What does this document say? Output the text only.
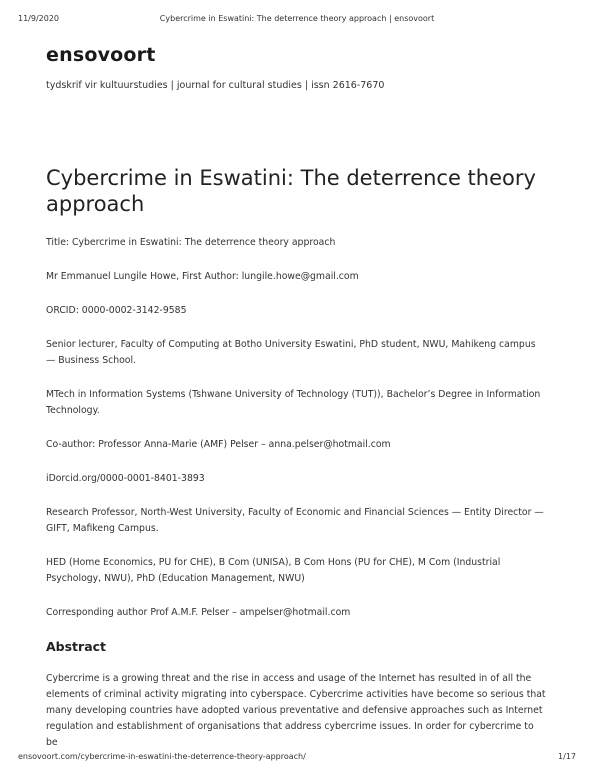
11/9/2020	Cybercrime in Eswatini: The deterrence theory approach | ensovoort
ensovoort

tydskrif vir kultuurstudies | journal for cultural studies | issn 2616-7670

Cybercrime in Eswatini: The deterrence theory approach

Title: Cybercrime in Eswatini: The deterrence theory approach

Mr Emmanuel Lungile Howe, First Author: lungile.howe@gmail.com

ORCID: 0000-0002-3142-9585

Senior lecturer, Faculty of Computing at Botho University Eswatini, PhD student, NWU, Mahikeng campus — Business School.

MTech in Information Systems (Tshwane University of Technology (TUT)), Bachelor’s Degree in Information Technology.

Co-author: Professor Anna-Marie (AMF) Pelser – anna.pelser@hotmail.com

iDorcid.org/0000-0001-8401-3893

Research Professor, North-West University, Faculty of Economic and Financial Sciences — Entity Director — GIFT, Mafikeng Campus.

HED (Home Economics, PU for CHE), B Com (UNISA), B Com Hons (PU for CHE), M Com (Industrial Psychology, NWU), PhD (Education Management, NWU)

Corresponding author Prof A.M.F. Pelser – ampelser@hotmail.com

Abstract

Cybercrime is a growing threat and the rise in access and usage of the Internet has resulted in of all the elements of criminal activity migrating into cyberspace. Cybercrime activities have become so serious that many developing countries have adopted various preventative and defensive approaches such as Internet regulation and establishment of organisations that address cybercrime issues. In order for cybercrime to be

ensovoort.com/cybercrime-in-eswatini-the-deterrence-theory-approach/	1/17
